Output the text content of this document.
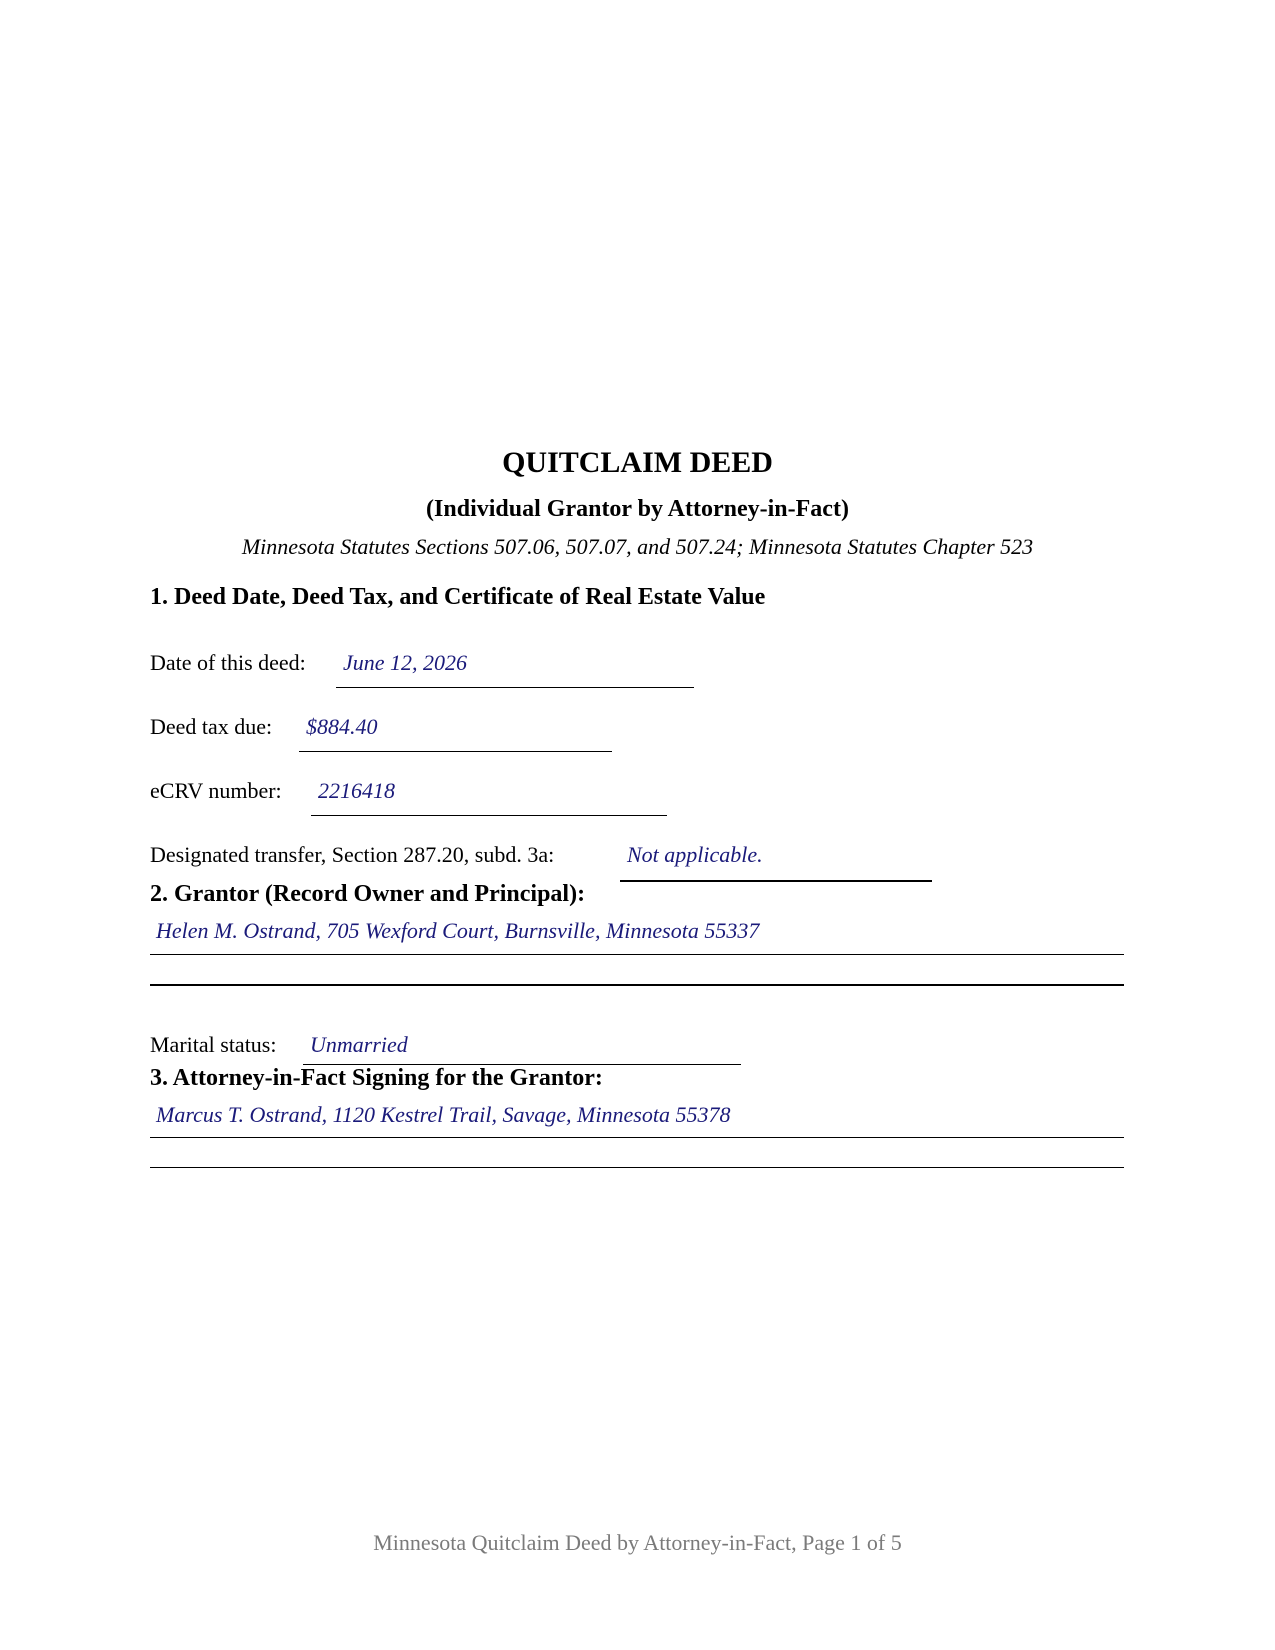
QUITCLAIM DEED
(Individual Grantor by Attorney-in-Fact)
Minnesota Statutes Sections 507.06, 507.07, and 507.24; Minnesota Statutes Chapter 523
1. Deed Date, Deed Tax, and Certificate of Real Estate Value
Date of this deed: June 12, 2026
Deed tax due: $884.40
eCRV number: 2216418
Designated transfer, Section 287.20, subd. 3a:	Not applicable.
2. Grantor (Record Owner and Principal):
Helen M. Ostrand, 705 Wexford Court, Burnsville, Minnesota 55337
Marital status: Unmarried
3. Attorney-in-Fact Signing for the Grantor:
Marcus T. Ostrand, 1120 Kestrel Trail, Savage, Minnesota 55378
Minnesota Quitclaim Deed by Attorney-in-Fact, Page 1 of 5
